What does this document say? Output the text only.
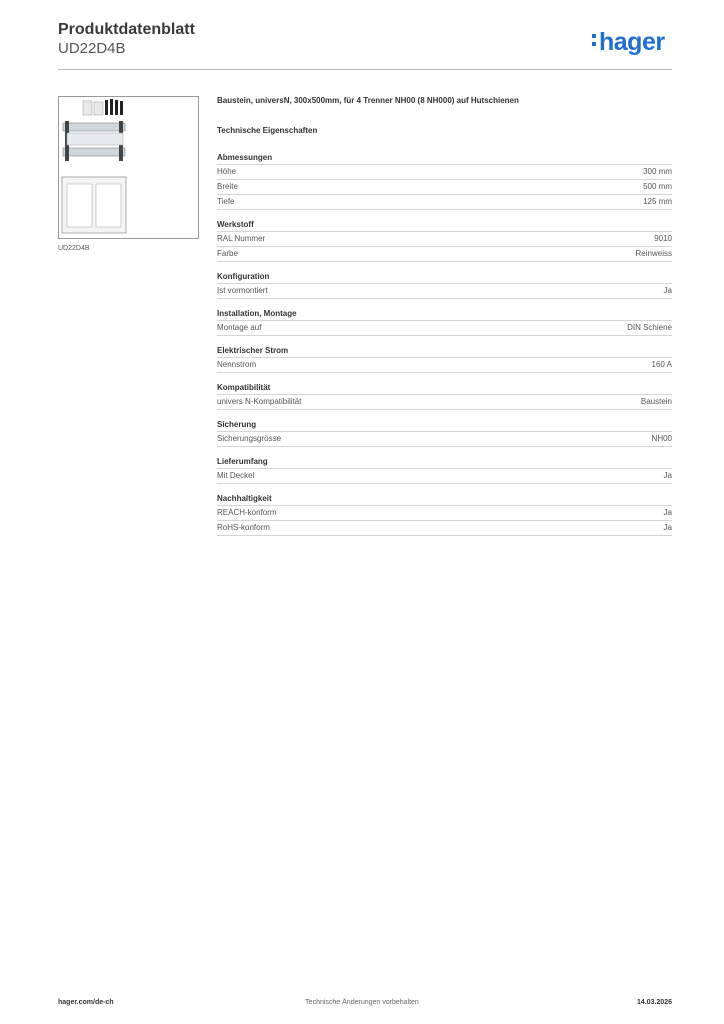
Produktdatenblatt
UD22D4B	hager
UD22D4B
Baustein, universN, 300x500mm, für 4 Trenner NH00 (8 NH000) auf Hutschienen
Technische Eigenschaften
Abmessungen
Höhe	300 mm
Breite	500 mm
Tiefe	125 mm
Werkstoff
RAL Nummer	9010
Farbe	Reinweiss
Konfiguration
Ist vormontiert	Ja
Installation, Montage
Montage auf	DIN Schiene
Elektrischer Strom
Nennstrom	160 A
Kompatibilität
univers N-Kompatibilität	Baustein
Sicherung
Sicherungsgrösse	NH00
Lieferumfang
Mit Deckel	Ja
Nachhaltigkeit
REACH-konform	Ja
RoHS-konform	Ja
hager.com/de-ch	Technische Änderungen vorbehalten	14.03.2026
